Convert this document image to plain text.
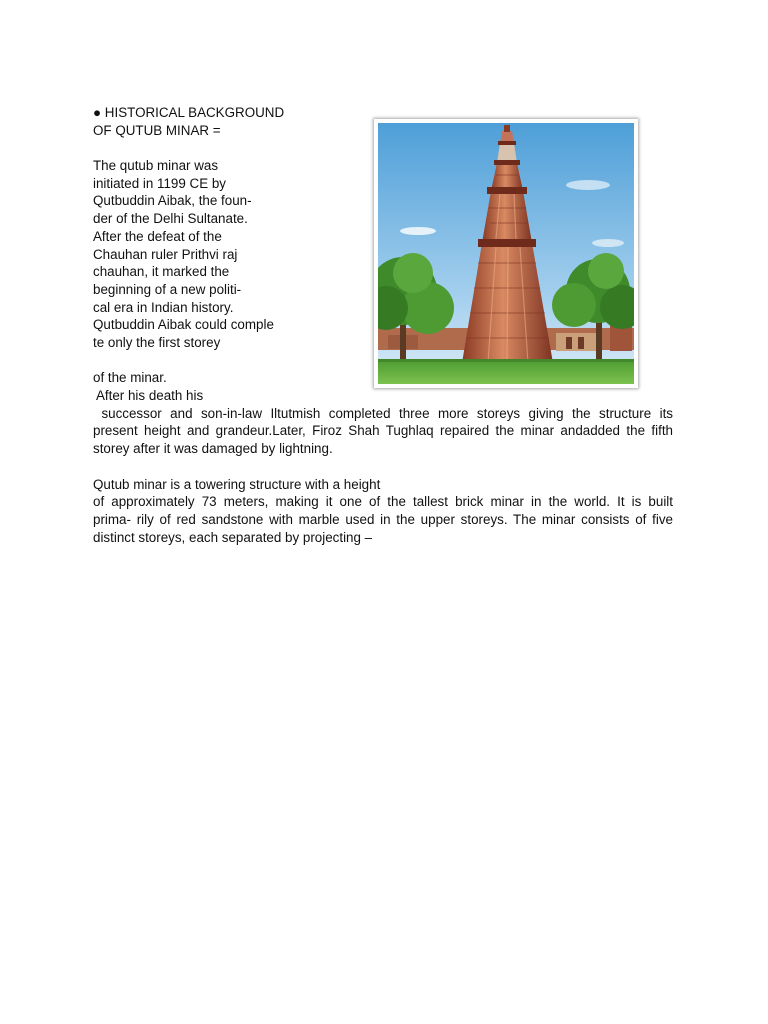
● HISTORICAL BACKGROUND
OF QUTUB MINAR =
The qutub minar was
initiated in 1199 CE by
Qutbuddin Aibak, the foun-
der of the Delhi Sultanate.
After the defeat of the
Chauhan ruler Prithvi raj
chauhan, it marked the
beginning of a new politi-
cal era in Indian history.
Qutbuddin Aibak could comple
te only the first storey
of the minar.
After his death his
successor and son-in-law Iltutmish completed three more storeys giving the structure its
present height and grandeur.Later, Firoz Shah Tughlaq repaired the minar andadded the fifth
storey after it was damaged by lightning.
Qutub minar is a towering structure with a height
of approximately 73 meters, making it one of the tallest brick minar in the world. It is built
prima- rily of red sandstone with marble used in the upper storeys. The minar consists of five
distinct storeys, each separated by projecting –
